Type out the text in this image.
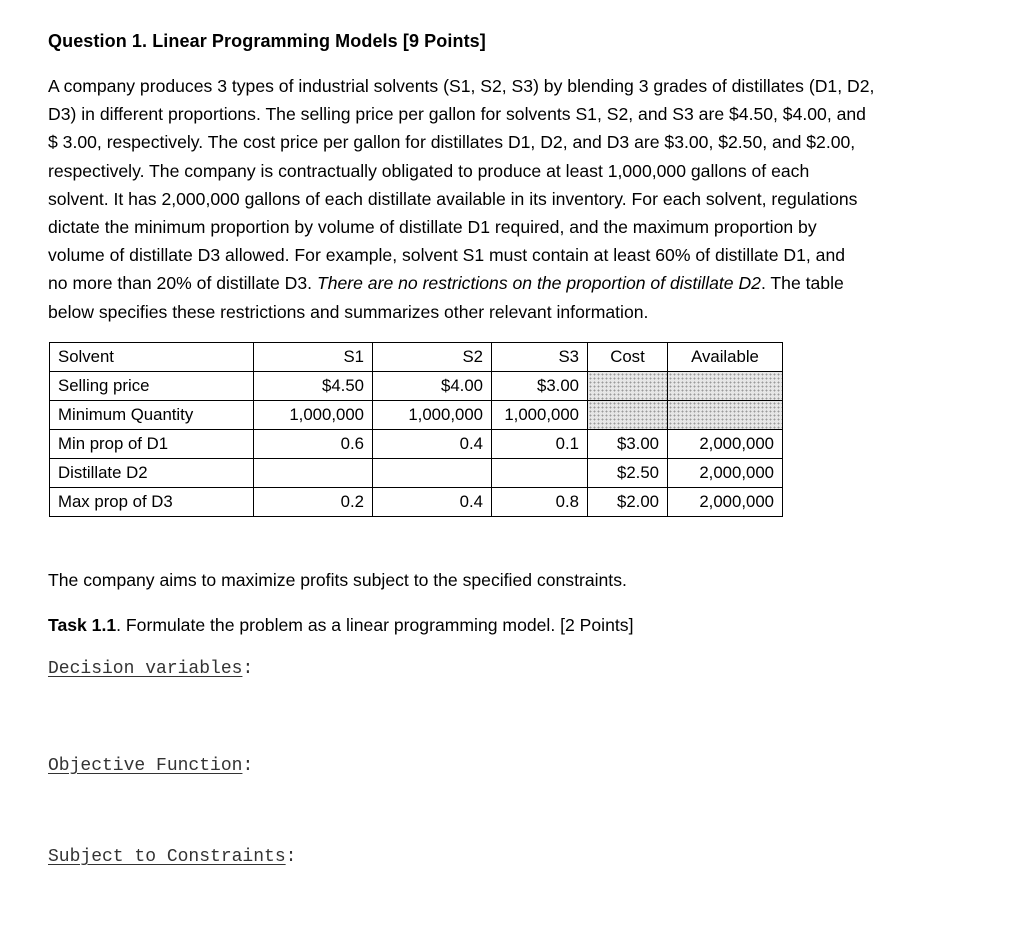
Question 1. Linear Programming Models [9 Points]
A company produces 3 types of industrial solvents (S1, S2, S3) by blending 3 grades of distillates (D1, D2,
D3) in different proportions. The selling price per gallon for solvents S1, S2, and S3 are $4.50, $4.00, and
$ 3.00, respectively. The cost price per gallon for distillates D1, D2, and D3 are $3.00, $2.50, and $2.00,
respectively. The company is contractually obligated to produce at least 1,000,000 gallons of each
solvent. It has 2,000,000 gallons of each distillate available in its inventory. For each solvent, regulations
dictate the minimum proportion by volume of distillate D1 required, and the maximum proportion by
volume of distillate D3 allowed. For example, solvent S1 must contain at least 60% of distillate D1, and
no more than 20% of distillate D3. There are no restrictions on the proportion of distillate D2. The table
below specifies these restrictions and summarizes other relevant information.
Solvent	S1	S2	S3	Cost	Available
Selling price	$4.50	$4.00	$3.00		
Minimum Quantity	1,000,000	1,000,000	1,000,000		
Min prop of D1	0.6	0.4	0.1	$3.00	2,000,000
Distillate D2				$2.50	2,000,000
Max prop of D3	0.2	0.4	0.8	$2.00	2,000,000
The company aims to maximize profits subject to the specified constraints.
Task 1.1. Formulate the problem as a linear programming model. [2 Points]
Decision variables:
Objective Function:
Subject to Constraints:
